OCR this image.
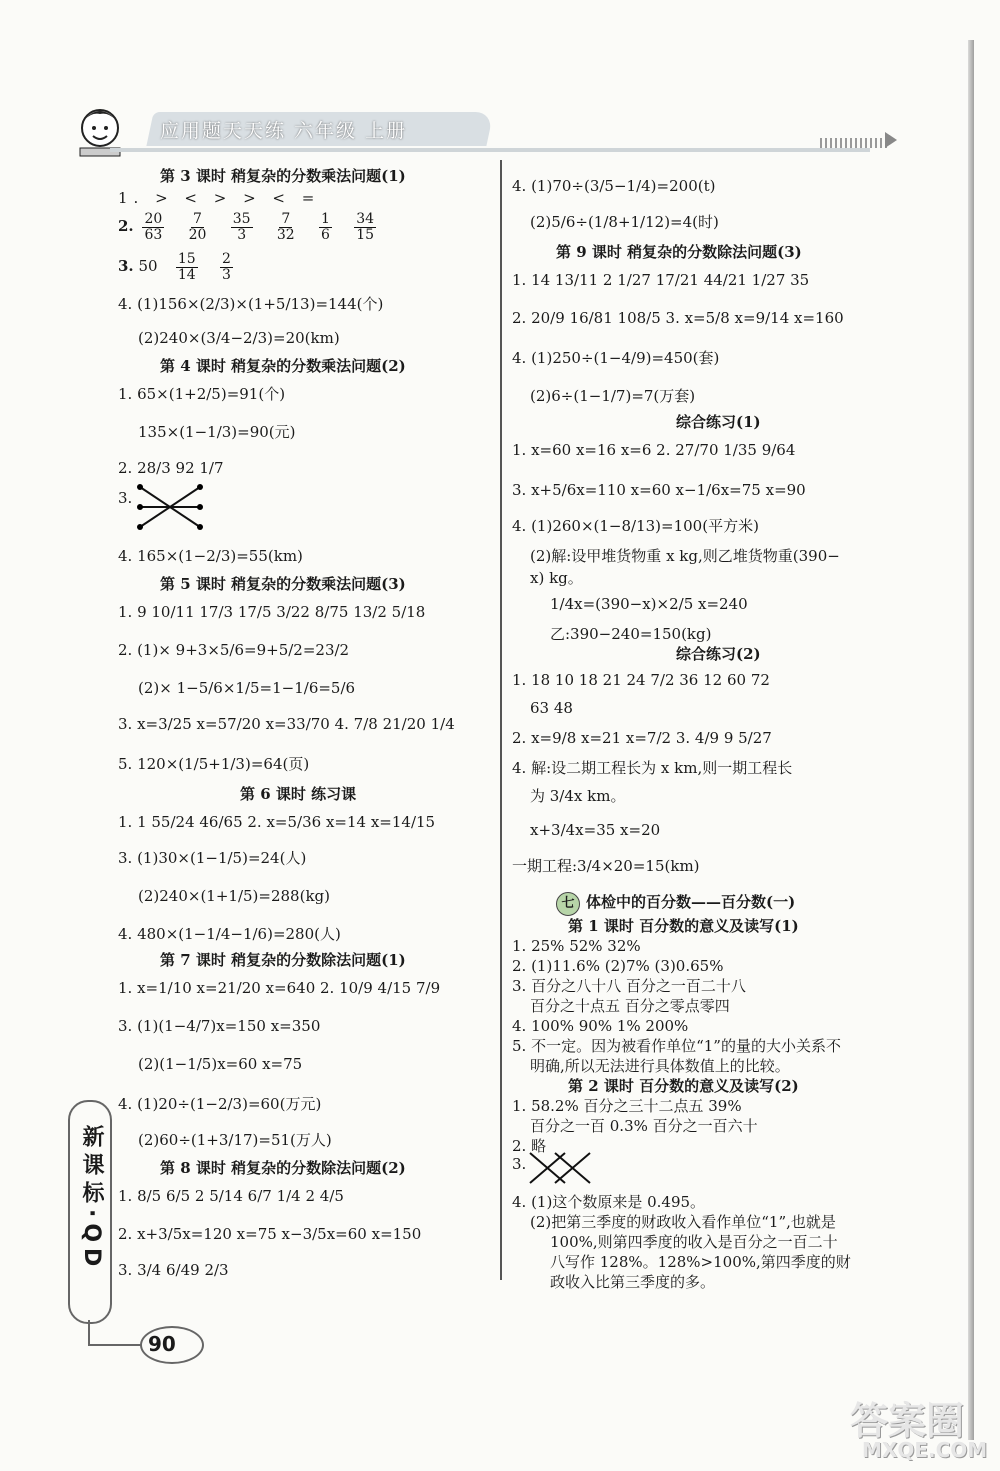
应用题天天练 六年级 上册
第 3 课时 稍复杂的分数乘法问题(1)
1. > < > > < =
2. $\frac{20}{63}$
$\frac{7}{20}$
$\frac{35}{3}$
$\frac{7}{32}$
$\frac{1}{6}$
$\frac{34}{15}$
3. $50 \frac{15}{14}$
$\frac{2}{3}$
4. (1)156×(2/3)×(1+5/13)=144(个)
(2)240×(3/4−2/3)=20(km)
第 4 课时 稍复杂的分数乘法问题(2)
1. 65×(1+2/5)=91(个)
135×(1−1/3)=90(元)
2. 28/3 92 1/7
3.
4. 165×(1−2/3)=55(km)
第 5 课时 稍复杂的分数乘法问题(3)
1. 9 10/11 17/3 17/5 3/22 8/75 13/2 5/18
2. (1)× 9+3×5/6=9+5/2=23/2
(2)× 1−5/6×1/5=1−1/6=5/6
3. x=3/25 x=57/20 x=33/70 4. 7/8 21/20 1/4
5. 120×(1/5+1/3)=64(页)
第 6 课时 练习课
1. 1 55/24 46/65 2. x=5/36 x=14 x=14/15
3. (1)30×(1−1/5)=24(人)
(2)240×(1+1/5)=288(kg)
4. 480×(1−1/4−1/6)=280(人)
第 7 课时 稍复杂的分数除法问题(1)
1. x=1/10 x=21/20 x=640 2. 10/9 4/15 7/9
3. (1)(1−4/7)x=150 x=350
(2)(1−1/5)x=60 x=75
4. (1)20÷(1−2/3)=60(万元)
(2)60÷(1+3/17)=51(万人)
第 8 课时 稍复杂的分数除法问题(2)
1. 8/5 6/5 2 5/14 6/7 1/4 2 4/5
2. x+3/5x=120 x=75 x−3/5x=60 x=150
3. 3/4 6/49 2/3
新课标·QD
90
4. (1)70÷(3/5−1/4)=200(t)
(2)5/6÷(1/8+1/12)=4(时)
第 9 课时 稍复杂的分数除法问题(3)
1. 14 13/11 2 1/27 17/21 44/21 1/27 35
2. 20/9 16/81 108/5 3. x=5/8 x=9/14 x=160
4. (1)250÷(1−4/9)=450(套)
(2)6÷(1−1/7)=7(万套)
综合练习(1)
1. x=60 x=16 x=6 2. 27/70 1/35 9/64
3. x+5/6x=110 x=60 x−1/6x=75 x=90
4. (1)260×(1−8/13)=100(平方米)
(2)解:设甲堆货物重 x kg,则乙堆货物重(390−
x) kg。
1/4x=(390−x)×2/5 x=240
乙:390−240=150(kg)
综合练习(2)
1. 18 10 18 21 24 7/2 36 12 60 72
63 48
2. x=9/8 x=21 x=7/2 3. 4/9 9 5/27
4. 解:设二期工程长为 x km,则一期工程长
为 3/4x km。
x+3/4x=35 x=20
一期工程:3/4×20=15(km)
七 体检中的百分数——百分数(一)
第 1 课时 百分数的意义及读写(1)
1. 25% 52% 32%
2. (1)11.6% (2)7% (3)0.65%
3. 百分之八十八 百分之一百二十八
百分之十点五 百分之零点零四
4. 100% 90% 1% 200%
5. 不一定。因为被看作单位“1”的量的大小关系不
明确,所以无法进行具体数值上的比较。
第 2 课时 百分数的意义及读写(2)
1. 58.2% 百分之三十二点五 39%
百分之一百 0.3% 百分之一百六十
2. 略
3.
4. (1)这个数原来是 0.495。
(2)把第三季度的财政收入看作单位“1”,也就是
100%,则第四季度的收入是百分之一百二十
八写作 128%。128%>100%,第四季度的财
政收入比第三季度的多。
答案圈
MXQE.COM
